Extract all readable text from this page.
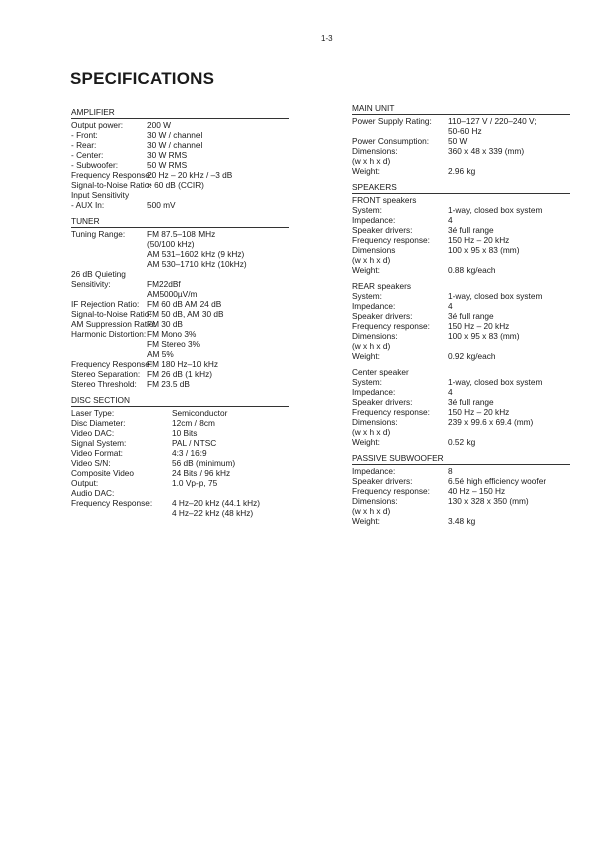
1-3
SPECIFICATIONS
AMPLIFIER
Output power:	200 W
- Front:	30 W / channel
- Rear:	30 W / channel
- Center:	30 W RMS
- Subwoofer:	50 W RMS
Frequency Response:
20 Hz – 20 kHz / –3 dB
Signal-to-Noise Ratio:
> 60 dB (CCIR)
Input Sensitivity
- AUX In:	500 mV
TUNER
Tuning Range:	FM 87.5–108 MHz
(50/100 kHz)
AM 531–1602 kHz (9 kHz)
AM 530–1710 kHz (10kHz)
26 dB Quieting
Sensitivity:	FM22dBf
AM5000µV/m
IF Rejection Ratio: FM 60 dB AM 24 dB
Signal-to-Noise Ratio:
FM 50 dB, AM 30 dB
AM Suppression Ratio:
FM 30 dB
Harmonic Distortion: FM Mono 3%
FM Stereo 3%
AM 5%
Frequency Response:
FM 180 Hz–10 kHz
Stereo Separation: FM 26 dB (1 kHz)
Stereo Threshold:	FM 23.5 dB
DISC SECTION
Laser Type:	Semiconductor
Disc Diameter:	12cm / 8cm
Video DAC:	10 Bits
Signal System:	PAL / NTSC
Video Format:	4:3 / 16:9
Video S/N:	56 dB (minimum)
Composite Video	24 Bits / 96 kHz
Output:	1.0 Vp-p, 75
Audio DAC:
Frequency Response:	4 Hz–20 kHz (44.1 kHz)
4 Hz–22 kHz (48 kHz)
MAIN UNIT
Power Supply Rating:	110–127 V / 220–240 V;
50-60 Hz
Power Consumption:	50 W
Dimensions:	360 x 48 x 339 (mm)
(w x h x d)
Weight:	2.96 kg
SPEAKERS
FRONT speakers
System:	1-way, closed box system
Impedance:	4
Speaker drivers:	3é full range
Frequency response:	150 Hz – 20 kHz
Dimensions	100 x 95 x 83 (mm)
(w x h x d)
Weight:	0.88 kg/each
REAR speakers
System:	1-way, closed box system
Impedance:	4
Speaker drivers:	3é full range
Frequency response:	150 Hz – 20 kHz
Dimensions:	100 x 95 x 83 (mm)
(w x h x d)
Weight:	0.92 kg/each
Center speaker
System:	1-way, closed box system
Impedance:	4
Speaker drivers:	3é full range
Frequency response:	150 Hz – 20 kHz
Dimensions:	239 x 99.6 x 69.4 (mm)
(w x h x d)
Weight:	0.52 kg
PASSIVE SUBWOOFER
Impedance:	8
Speaker drivers:	6.5é high efficiency woofer
Frequency response:	40 Hz – 150 Hz
Dimensions:	130 x 328 x 350 (mm)
(w x h x d)
Weight:	3.48 kg
